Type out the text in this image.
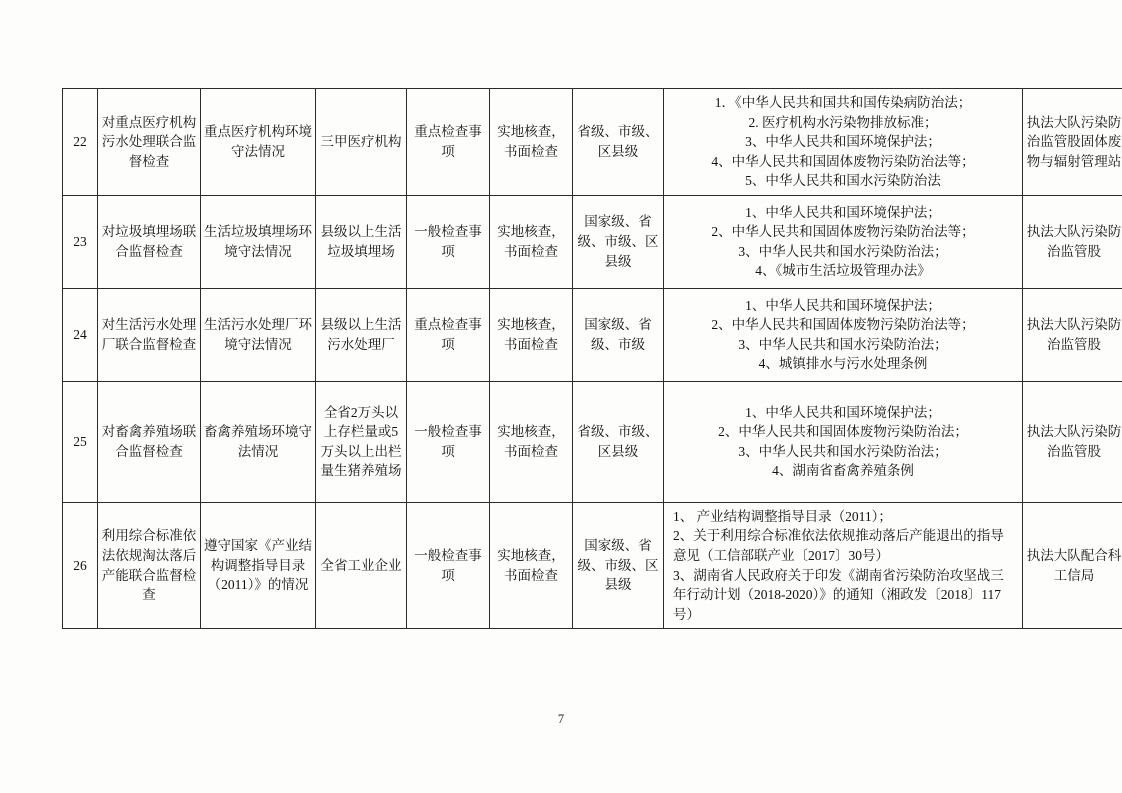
22	对重点医疗机构污水处理联合监督检查	重点医疗机构环境守法情况	三甲医疗机构	重点检查事项	实地核查，书面检查	省级、市级、区县级	1．《中华人民共和国共和国传染病防治法；
2. 医疗机构水污染物排放标准；
3、中华人民共和国环境保护法；
4、中华人民共和国固体废物污染防治法等；
5、中华人民共和国水污染防治法	执法大队污染防治监管股固体废物与辐射管理站
23	对垃圾填埋场联合监督检查	生活垃圾填埋场环境守法情况	县级以上生活垃圾填埋场	一般检查事项	实地核查，书面检查	国家级、省级、市级、区县级	1、中华人民共和国环境保护法；
2、中华人民共和国固体废物污染防治法等；
3、中华人民共和国水污染防治法；
4、《城市生活垃圾管理办法》	执法大队污染防治监管股
24	对生活污水处理厂联合监督检查	生活污水处理厂环境守法情况	县级以上生活污水处理厂	重点检查事项	实地核查，书面检查	国家级、省级、市级	1、中华人民共和国环境保护法；
2、中华人民共和国固体废物污染防治法等；
3、中华人民共和国水污染防治法；
4、城镇排水与污水处理条例	执法大队污染防治监管股
25	对畜禽养殖场联合监督检查	畜禽养殖场环境守法情况	全省2万头以上存栏量或5万头以上出栏量生猪养殖场	一般检查事项	实地核查，书面检查	省级、市级、区县级	1、中华人民共和国环境保护法；
2、中华人民共和国固体废物污染防治法；
3、中华人民共和国水污染防治法；
4、湖南省畜禽养殖条例	执法大队污染防治监管股
26	利用综合标准依法依规淘汰落后产能联合监督检查	遵守国家《产业结构调整指导目录（2011）》的情况	全省工业企业	一般检查事项	实地核查，书面检查	国家级、省级、市级、区县级	1、 产业结构调整指导目录（2011）；
2、关于利用综合标准依法依规推动落后产能退出的指导意见（工信部联产业〔2017〕30号）
3、湖南省人民政府关于印发《湖南省污染防治攻坚战三年行动计划（2018-2020）》的通知（湘政发〔2018〕117号）	执法大队配合科工信局
7
